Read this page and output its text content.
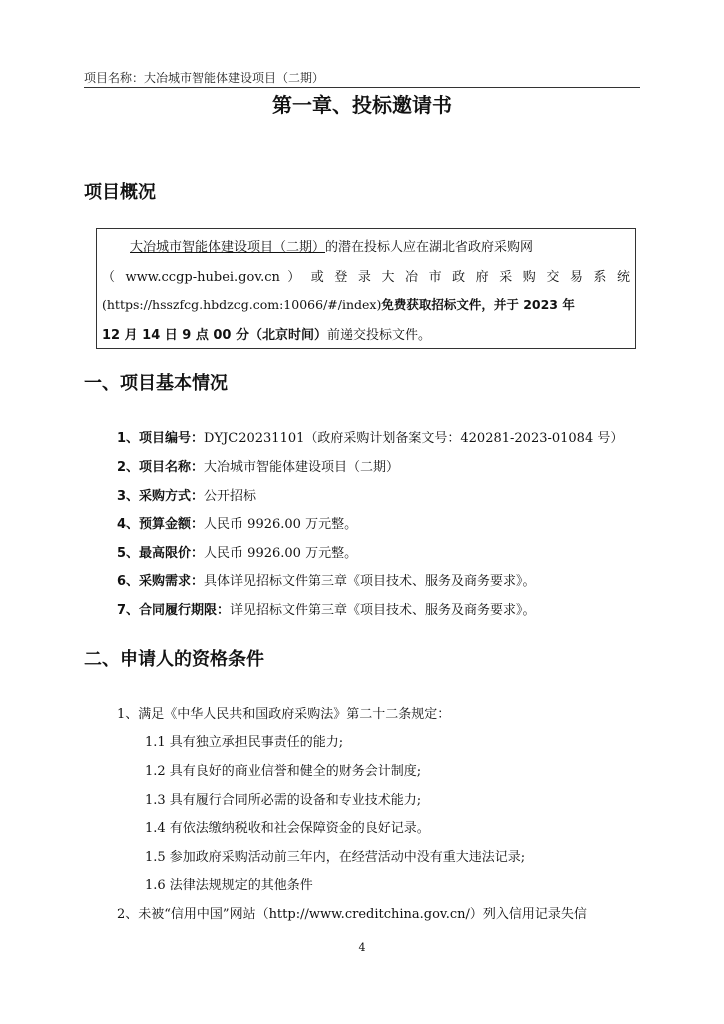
项目名称：大冶城市智能体建设项目（二期）
第一章、投标邀请书
项目概况
大冶城市智能体建设项目（二期）的潜在投标人应在湖北省政府采购网
（ www.ccgp-hubei.gov.cn ） 或 登 录 大 冶 市 政 府 采 购 交 易 系 统
(https://hsszfcg.hbdzcg.com:10066/#/index)免费获取招标文件，并于 2023 年
12 月 14 日 9 点 00 分（北京时间）前递交投标文件。
一、项目基本情况
1、项目编号：DYJC20231101（政府采购计划备案文号：420281-2023-01084 号）
2、项目名称：大冶城市智能体建设项目（二期）
3、采购方式：公开招标
4、预算金额：人民币 9926.00 万元整。
5、最高限价：人民币 9926.00 万元整。
6、采购需求：具体详见招标文件第三章《项目技术、服务及商务要求》。
7、合同履行期限：详见招标文件第三章《项目技术、服务及商务要求》。
二、申请人的资格条件
1、满足《中华人民共和国政府采购法》第二十二条规定：
1.1 具有独立承担民事责任的能力;
1.2 具有良好的商业信誉和健全的财务会计制度;
1.3 具有履行合同所必需的设备和专业技术能力;
1.4 有依法缴纳税收和社会保障资金的良好记录。
1.5 参加政府采购活动前三年内，在经营活动中没有重大违法记录;
1.6 法律法规规定的其他条件
2、未被“信用中国”网站（http://www.creditchina.gov.cn/）列入信用记录失信
4
